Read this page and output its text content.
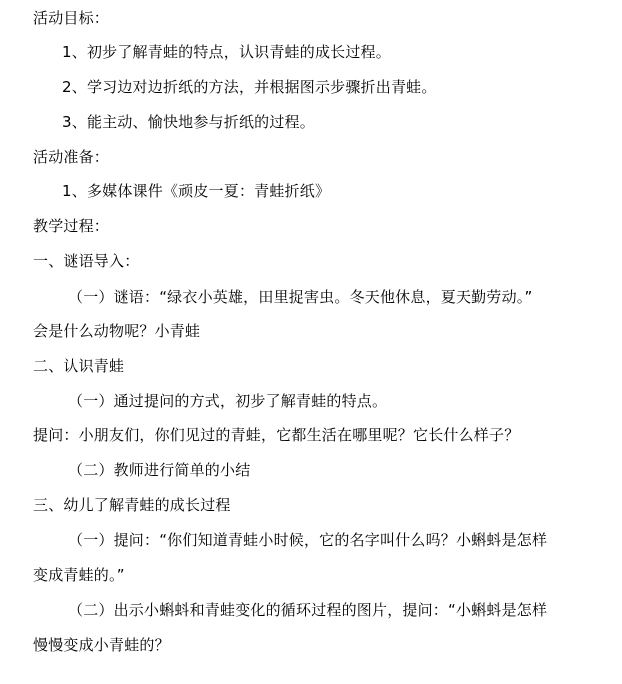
活动目标：
1、初步了解青蛙的特点，认识青蛙的成长过程。
2、学习边对边折纸的方法，并根据图示步骤折出青蛙。
3、能主动、愉快地参与折纸的过程。
活动准备：
1、多媒体课件《顽皮一夏：青蛙折纸》
教学过程：
一、谜语导入：
（一）谜语：“绿衣小英雄，田里捉害虫。冬天他休息，夏天勤劳动。”
会是什么动物呢？小青蛙
二、认识青蛙
（一）通过提问的方式，初步了解青蛙的特点。
提问：小朋友们，你们见过的青蛙，它都生活在哪里呢？它长什么样子？
（二）教师进行简单的小结
三、幼儿了解青蛙的成长过程
（一）提问：“你们知道青蛙小时候，它的名字叫什么吗？小蝌蚪是怎样
变成青蛙的。”
（二）出示小蝌蚪和青蛙变化的循环过程的图片，提问：“小蝌蚪是怎样
慢慢变成小青蛙的？
